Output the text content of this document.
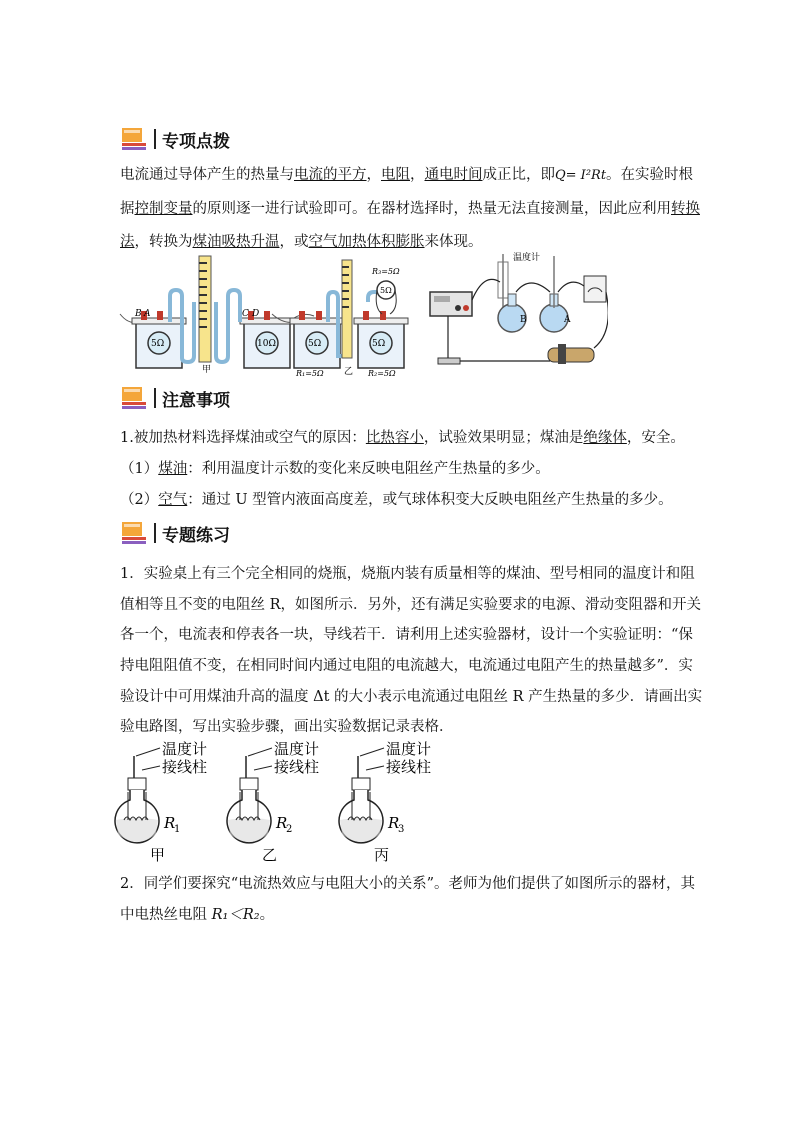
专项点拨
电流通过导体产生的热量与电流的平方，电阻，通电时间成正比，即Q= I²Rt。在实验时根
据控制变量的原则逐一进行试验即可。在器材选择时，热量无法直接测量，因此应利用转换
法，转换为煤油吸热升温，或空气加热体积膨胀来体现。
A
B	C D
5Ω	10Ω
甲
R₃=5Ω
5Ω
5Ω	5Ω
R₁=5Ω 乙 R₂=5Ω
温度计
B	A
注意事项
1.被加热材料选择煤油或空气的原因：比热容小，试验效果明显；煤油是绝缘体，安全。
（1）煤油：利用温度计示数的变化来反映电阻丝产生热量的多少。
（2）空气：通过 U 型管内液面高度差，或气球体积变大反映电阻丝产生热量的多少。
专题练习
1．实验桌上有三个完全相同的烧瓶，烧瓶内装有质量相等的煤油、型号相同的温度计和阻
值相等且不变的电阻丝 R，如图所示．另外，还有满足实验要求的电源、滑动变阻器和开关
各一个，电流表和停表各一块，导线若干．请利用上述实验器材，设计一个实验证明：“保
持电阻阻值不变，在相同时间内通过电阻的电流越大，电流通过电阻产生的热量越多”．实
验设计中可用煤油升高的温度 Δt 的大小表示电流通过电阻丝 R 产生热量的多少．请画出实
验电路图，写出实验步骤，画出实验数据记录表格．
温度计
接线柱
R
1
甲
温度计
接线柱
R
2
乙
温度计
接线柱
R
3
丙
2．同学们要探究“电流热效应与电阻大小的关系”。老师为他们提供了如图所示的器材，其
中电热丝电阻 R₁＜R₂。
